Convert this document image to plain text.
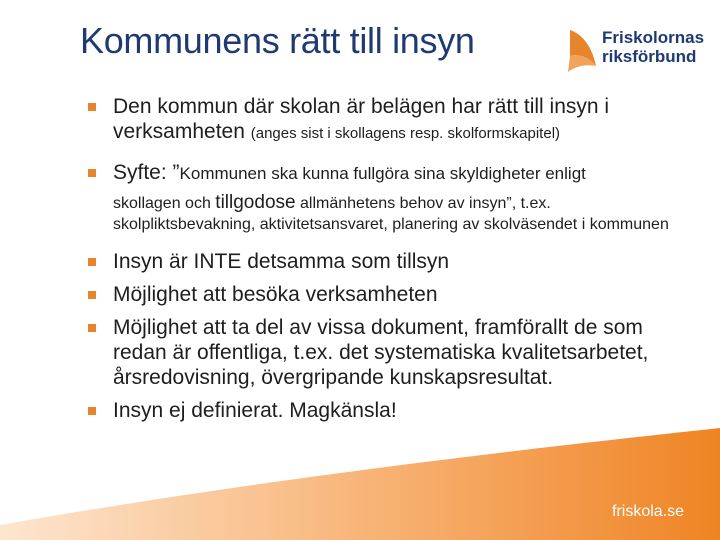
Kommunens rätt till insyn	Friskolornas
riksförbund
Den kommun där skolan är belägen har rätt till insyn i verksamheten (anges sist i skollagens resp. skolformskapitel)
Syfte: ”Kommunen ska kunna fullgöra sina skyldigheter enligt
skollagen och tillgodose allmänhetens behov av insyn”, t.ex. skolpliktsbevakning, aktivitetsansvaret, planering av skolväsendet i kommunen
Insyn är INTE detsamma som tillsyn
Möjlighet att besöka verksamheten
Möjlighet att ta del av vissa dokument, framförallt de som redan är offentliga, t.ex. det systematiska kvalitetsarbetet, årsredovisning, övergripande kunskapsresultat.
Insyn ej definierat. Magkänsla!
friskola.se
